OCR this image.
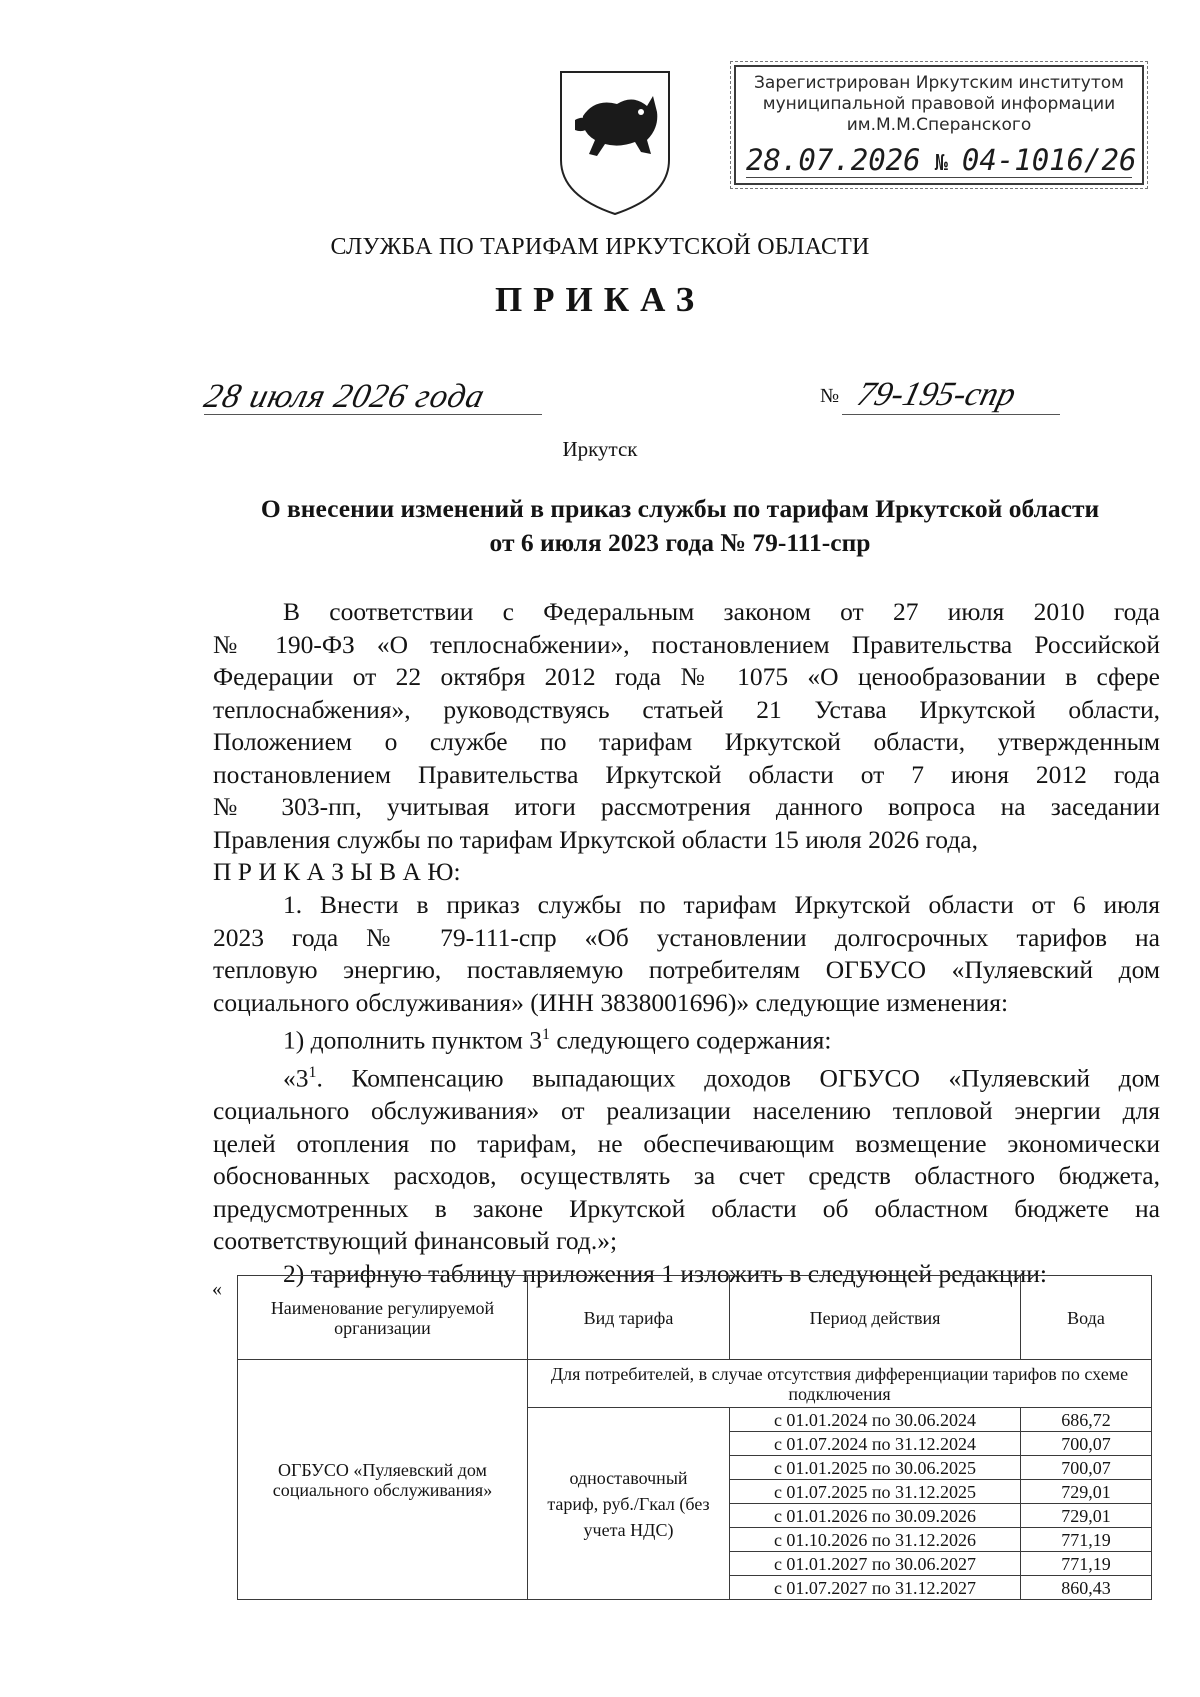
Зарегистрирован Иркутским институтом
муниципальной правовой информации
им.М.М.Сперанского
28.07.2026 № 04-1016/26
СЛУЖБА ПО ТАРИФАМ ИРКУТСКОЙ ОБЛАСТИ
ПРИКАЗ
28 июля 2026 года	№ 79-195-спр
Иркутск
О внесении изменений в приказ службы по тарифам Иркутской области
от 6 июля 2023 года № 79-111-спр
В соответствии с Федеральным законом от 27 июля 2010 года
№ 190-ФЗ «О теплоснабжении», постановлением Правительства Российской
Федерации от 22 октября 2012 года № 1075 «О ценообразовании в сфере
теплоснабжения», руководствуясь статьей 21 Устава Иркутской области,
Положением о службе по тарифам Иркутской области, утвержденным
постановлением Правительства Иркутской области от 7 июня 2012 года
№ 303-пп, учитывая итоги рассмотрения данного вопроса на заседании
Правления службы по тарифам Иркутской области 15 июля 2026 года,
П Р И К А З Ы В А Ю:
1. Внести в приказ службы по тарифам Иркутской области от 6 июля
2023 года № 79-111-спр «Об установлении долгосрочных тарифов на
тепловую энергию, поставляемую потребителям ОГБУСО «Пуляевский дом
социального обслуживания» (ИНН 3838001696)» следующие изменения:
1) дополнить пунктом $3^1$ следующего содержания:
«$3^1$. Компенсацию выпадающих доходов ОГБУСО «Пуляевский дом
социального обслуживания» от реализации населению тепловой энергии для
целей отопления по тарифам, не обеспечивающим возмещение экономически
обоснованных расходов, осуществлять за счет средств областного бюджета,
предусмотренных в законе Иркутской области об областном бюджете на
соответствующий финансовый год.»;
2) тарифную таблицу приложения 1 изложить в следующей редакции:
«
Наименование регулируемой организации	Вид тарифа	Период действия	Вода
ОГБУСО «Пуляевский дом социального обслуживания»	Для потребителей, в случае отсутствия дифференциации тарифов по схеме подключения		
	одноставочный тариф, руб./Гкал (без учета НДС)	с 01.01.2024 по 30.06.2024	686,72
		с 01.07.2024 по 31.12.2024	700,07
		с 01.01.2025 по 30.06.2025	700,07
		с 01.07.2025 по 31.12.2025	729,01
		с 01.01.2026 по 30.09.2026	729,01
		с 01.10.2026 по 31.12.2026	771,19
		с 01.01.2027 по 30.06.2027	771,19
		с 01.07.2027 по 31.12.2027	860,43
